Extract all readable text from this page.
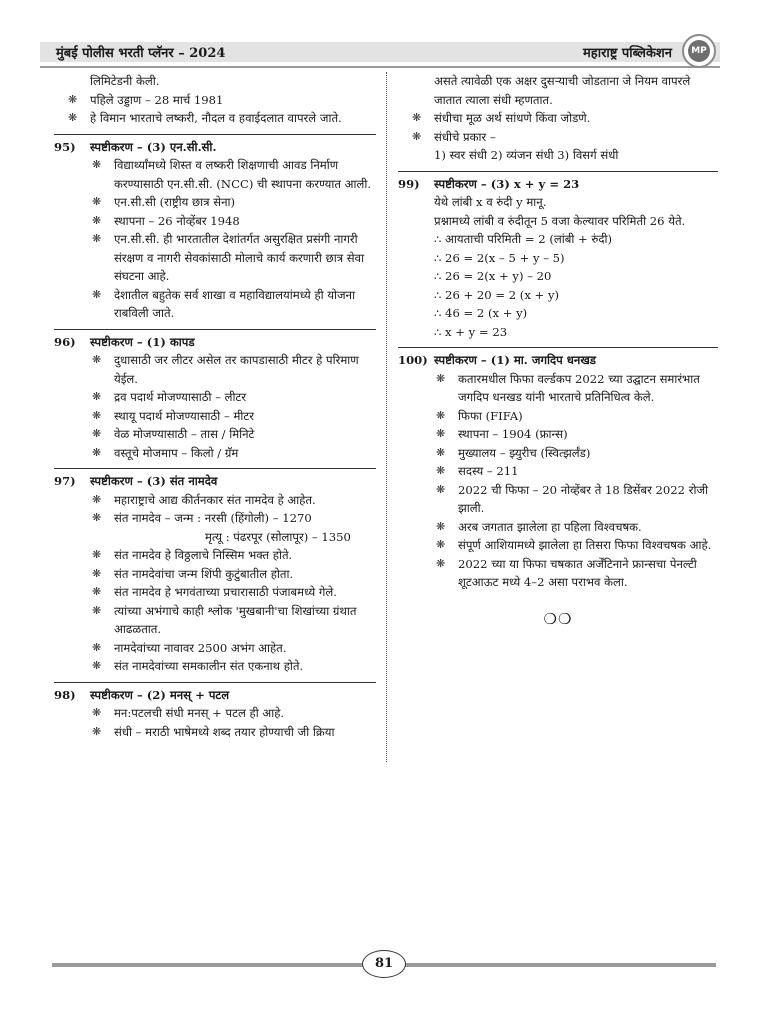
मुंबई पोलीस भरती प्लॅनर – 2024	महाराष्ट्र पब्लिकेशन	MP
लिमिटेडनी केली.
❋ पहिले उड्डाण – 28 मार्च 1981
❋ हे विमान भारताचे लष्करी, नौदल व हवाईदलात वापरले जाते.
95) स्पष्टीकरण – (3) एन.सी.सी.
❋ विद्यार्थ्यांमध्ये शिस्त व लष्करी शिक्षणाची आवड निर्माण करण्यासाठी एन.सी.सी. (NCC) ची स्थापना करण्यात आली.
❋ एन.सी.सी (राष्ट्रीय छात्र सेना)
❋ स्थापना – 26 नोव्हेंबर 1948
❋ एन.सी.सी. ही भारतातील देशांतर्गत असुरक्षित प्रसंगी नागरी संरक्षण व नागरी सेवकांसाठी मोलाचे कार्य करणारी छात्र सेवा संघटना आहे.
❋ देशातील बहुतेक सर्व शाखा व महाविद्यालयांमध्ये ही योजना राबविली जाते.
96) स्पष्टीकरण – (1) कापड
❋ दुधासाठी जर लीटर असेल तर कापडासाठी मीटर हे परिमाण येईल.
❋ द्रव पदार्थ मोजण्यासाठी – लीटर
❋ स्थायू पदार्थ मोजण्यासाठी – मीटर
❋ वेळ मोजण्यासाठी – तास / मिनिटे
❋ वस्तूचे मोजमाप – किलो / ग्रॅम
97) स्पष्टीकरण – (3) संत नामदेव
❋ महाराष्ट्राचे आद्य कीर्तनकार संत नामदेव हे आहेत.
❋ संत नामदेव – जन्म : नरसी (हिंगोली) – 1270
मृत्यू : पंढरपूर (सोलापूर) – 1350
❋ संत नामदेव हे विठ्ठलाचे निस्सिम भक्त होते.
❋ संत नामदेवांचा जन्म शिंपी कुटुंबातील होता.
❋ संत नामदेव हे भगवंताच्या प्रचारासाठी पंजाबमध्ये गेले.
❋ त्यांच्या अभंगाचे काही श्लोक 'मुखबानी'चा शिखांच्या ग्रंथात आढळतात.
❋ नामदेवांच्या नावावर 2500 अभंग आहेत.
❋ संत नामदेवांच्या समकालीन संत एकनाथ होते.
98) स्पष्टीकरण – (2) मनस् + पटल
❋ मन:पटलची संधी मनस् + पटल ही आहे.
❋ संधी – मराठी भाषेमध्ये शब्द तयार होण्याची जी क्रिया
असते त्यावेळी एक अक्षर दुसऱ्याची जोडताना जे नियम वापरले जातात त्याला संधी म्हणतात.
❋ संधीचा मूळ अर्थ सांधणे किंवा जोडणे.
❋ संधीचे प्रकार –
1) स्वर संधी 2) व्यंजन संधी 3) विसर्ग संधी
99) स्पष्टीकरण – (3) x + y = 23
येथे लांबी x व रुंदी y मानू.
प्रश्नामध्ये लांबी व रुंदीतून 5 वजा केल्यावर परिमिती 26 येते.
∴ आयताची परिमिती = 2 (लांबी + रुंदी)
∴ 26 = 2(x – 5 + y – 5)
∴ 26 = 2(x + y) – 20
∴ 26 + 20 = 2 (x + y)
∴ 46 = 2 (x + y)
∴ x + y = 23
100) स्पष्टीकरण – (1) मा. जगदिप धनखड
❋ कतारमधील फिफा वर्ल्डकप 2022 च्या उद्घाटन समारंभात जगदिप धनखड यांनी भारताचे प्रतिनिधित्व केले.
❋ फिफा (FIFA)
❋ स्थापना – 1904 (फ्रान्स)
❋ मुख्यालय – झ्युरीच (स्वित्झर्लंड)
❋ सदस्य – 211
❋ 2022 ची फिफा – 20 नोव्हेंबर ते 18 डिसेंबर 2022 रोजी झाली.
❋ अरब जगतात झालेला हा पहिला विश्वचषक.
❋ संपूर्ण आशियामध्ये झालेला हा तिसरा फिफा विश्वचषक आहे.
❋ 2022 च्या या फिफा चषकात अर्जेंटिनाने फ्रान्सचा पेनल्टी शूटआऊट मध्ये 4–2 असा पराभव केला.
❍❍
81
